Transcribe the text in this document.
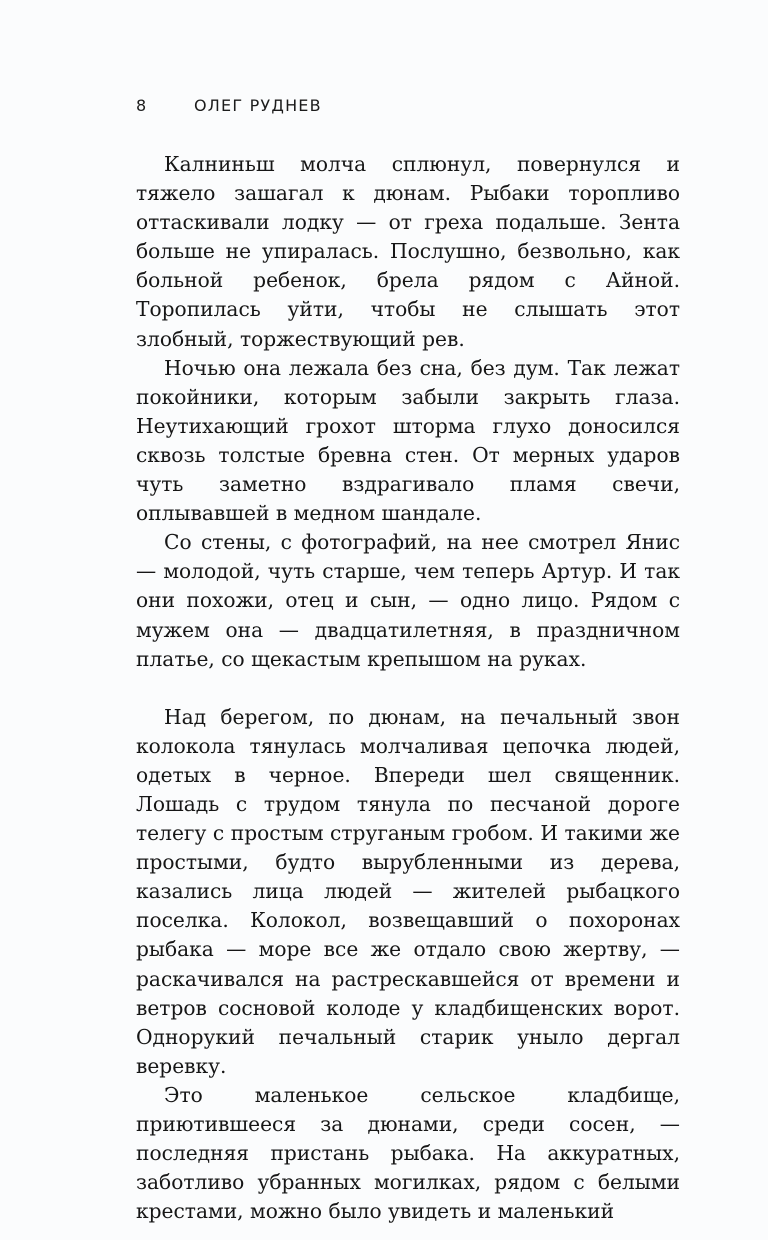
8	ОЛЕГ РУДНЕВ

Калниньш молча сплюнул, повернулся и тяжело зашагал к дюнам. Рыбаки торопливо оттаскивали лодку — от греха подальше. Зента больше не упиралась. Послушно, безвольно, как больной ребенок, брела рядом с Айной. Торопилась уйти, чтобы не слышать этот злобный, торжествующий рев.

Ночью она лежала без сна, без дум. Так лежат покойники, которым забыли закрыть глаза. Неутихающий грохот шторма глухо доносился сквозь толстые бревна стен. От мерных ударов чуть заметно вздрагивало пламя свечи, оплывавшей в медном шандале.

Со стены, с фотографий, на нее смотрел Янис — молодой, чуть старше, чем теперь Артур. И так они похожи, отец и сын, — одно лицо. Рядом с мужем она — двадцатилетняя, в праздничном платье, со щекастым крепышом на руках.

Над берегом, по дюнам, на печальный звон колокола тянулась молчаливая цепочка людей, одетых в черное. Впереди шел священник. Лошадь с трудом тянула по песчаной дороге телегу с простым струганым гробом. И такими же простыми, будто вырубленными из дерева, казались лица людей — жителей рыбацкого поселка. Колокол, возвещавший о похоронах рыбака — море все же отдало свою жертву, — раскачивался на растрескавшейся от времени и ветров сосновой колоде у кладбищенских ворот. Однорукий печальный старик уныло дергал веревку.

Это маленькое сельское кладбище, приютившееся за дюнами, среди сосен, — последняя пристань рыбака. На аккуратных, заботливо убранных могилках, рядом с белыми крестами, можно было увидеть и маленький
